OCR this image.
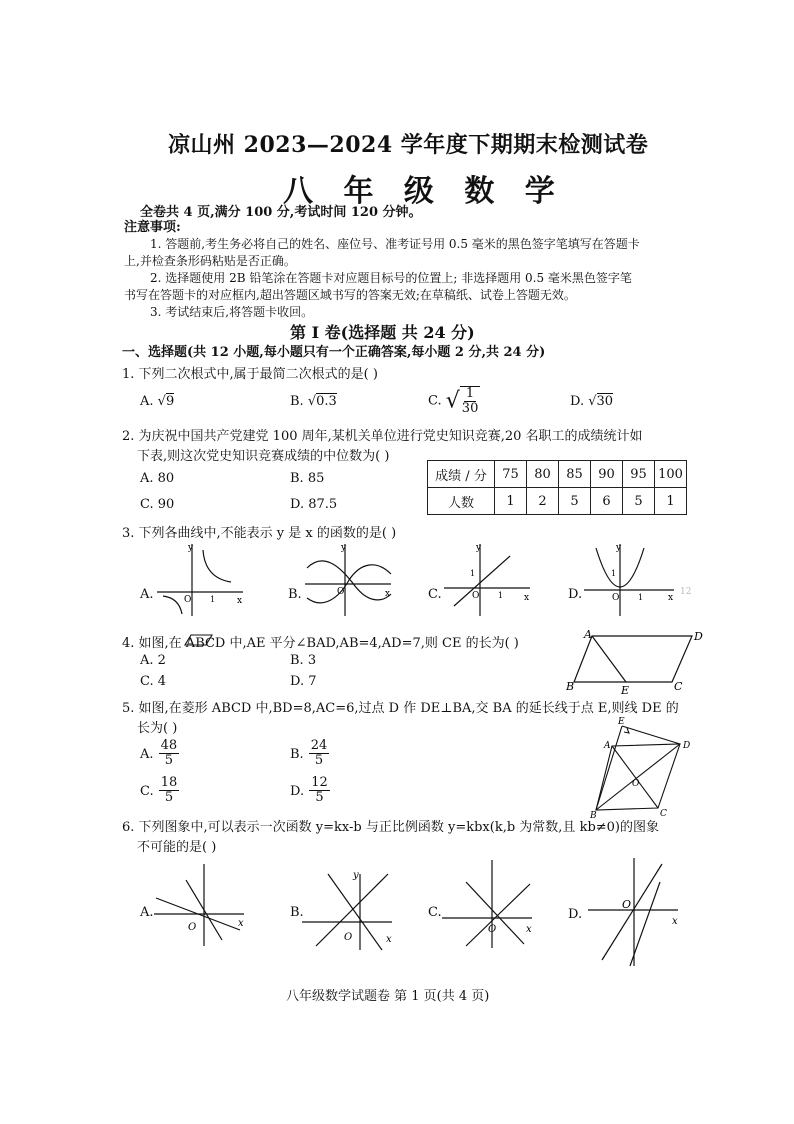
凉山州 2023—2024 学年度下期期末检测试卷
八 年 级 数 学
全卷共 4 页,满分 100 分,考试时间 120 分钟。
注意事项:
1. 答题前,考生务必将自己的姓名、座位号、准考证号用 0.5 毫米的黑色签字笔填写在答题卡
上,并检查条形码粘贴是否正确。
2. 选择题使用 2B 铅笔涂在答题卡对应题目标号的位置上; 非选择题用 0.5 毫米黑色签字笔
书写在答题卡的对应框内,超出答题区域书写的答案无效;在草稿纸、试卷上答题无效。
3. 考试结束后,将答题卡收回。
第 Ⅰ 卷(选择题 共 24 分)
一、选择题(共 12 小题,每小题只有一个正确答案,每小题 2 分,共 24 分)
1. 下列二次根式中,属于最简二次根式的是( )
A. √9	B. √0.3	C. √ $\frac{1}{30}$	D. √30
2. 为庆祝中国共产党建党 100 周年,某机关单位进行党史知识竞赛,20 名职工的成绩统计如
下表,则这次党史知识竞赛成绩的中位数为( )
A. 80	B. 85
C. 90	D. 87.5
成绩 / 分	75	80	85	90	95	100
人数	1	2	5	6	5	1
3. 下列各曲线中,不能表示 y 是 x 的函数的是( )
A.	B.	C.	D.
x
y
O 1
x
y
O
x
y
O
1
1	x
y
O
1
1
12
4. 如图,在 ABCD 中,AE 平分∠BAD,AB=4,AD=7,则 CE 的长为( )
A. 2	B. 3
C. 4	D. 7
A	D
B	C
E
5. 如图,在菱形 ABCD 中,BD=8,AC=6,过点 D 作 DE⊥BA,交 BA 的延长线于点 E,则线 DE 的
长为( )
A. $\frac{48}{5}$	B. $\frac{24}{5}$
C. $\frac{18}{5}$	D. $\frac{12}{5}$
E
A	D
B	C
O
6. 下列图象中,可以表示一次函数 y=kx-b 与正比例函数 y=kbx(k,b 为常数,且 kb≠0)的图象
不可能的是( )
A.	B.	C.	D.
x
O
y
x
O
x
O
x
O
八年级数学试题卷 第 1 页(共 4 页)
